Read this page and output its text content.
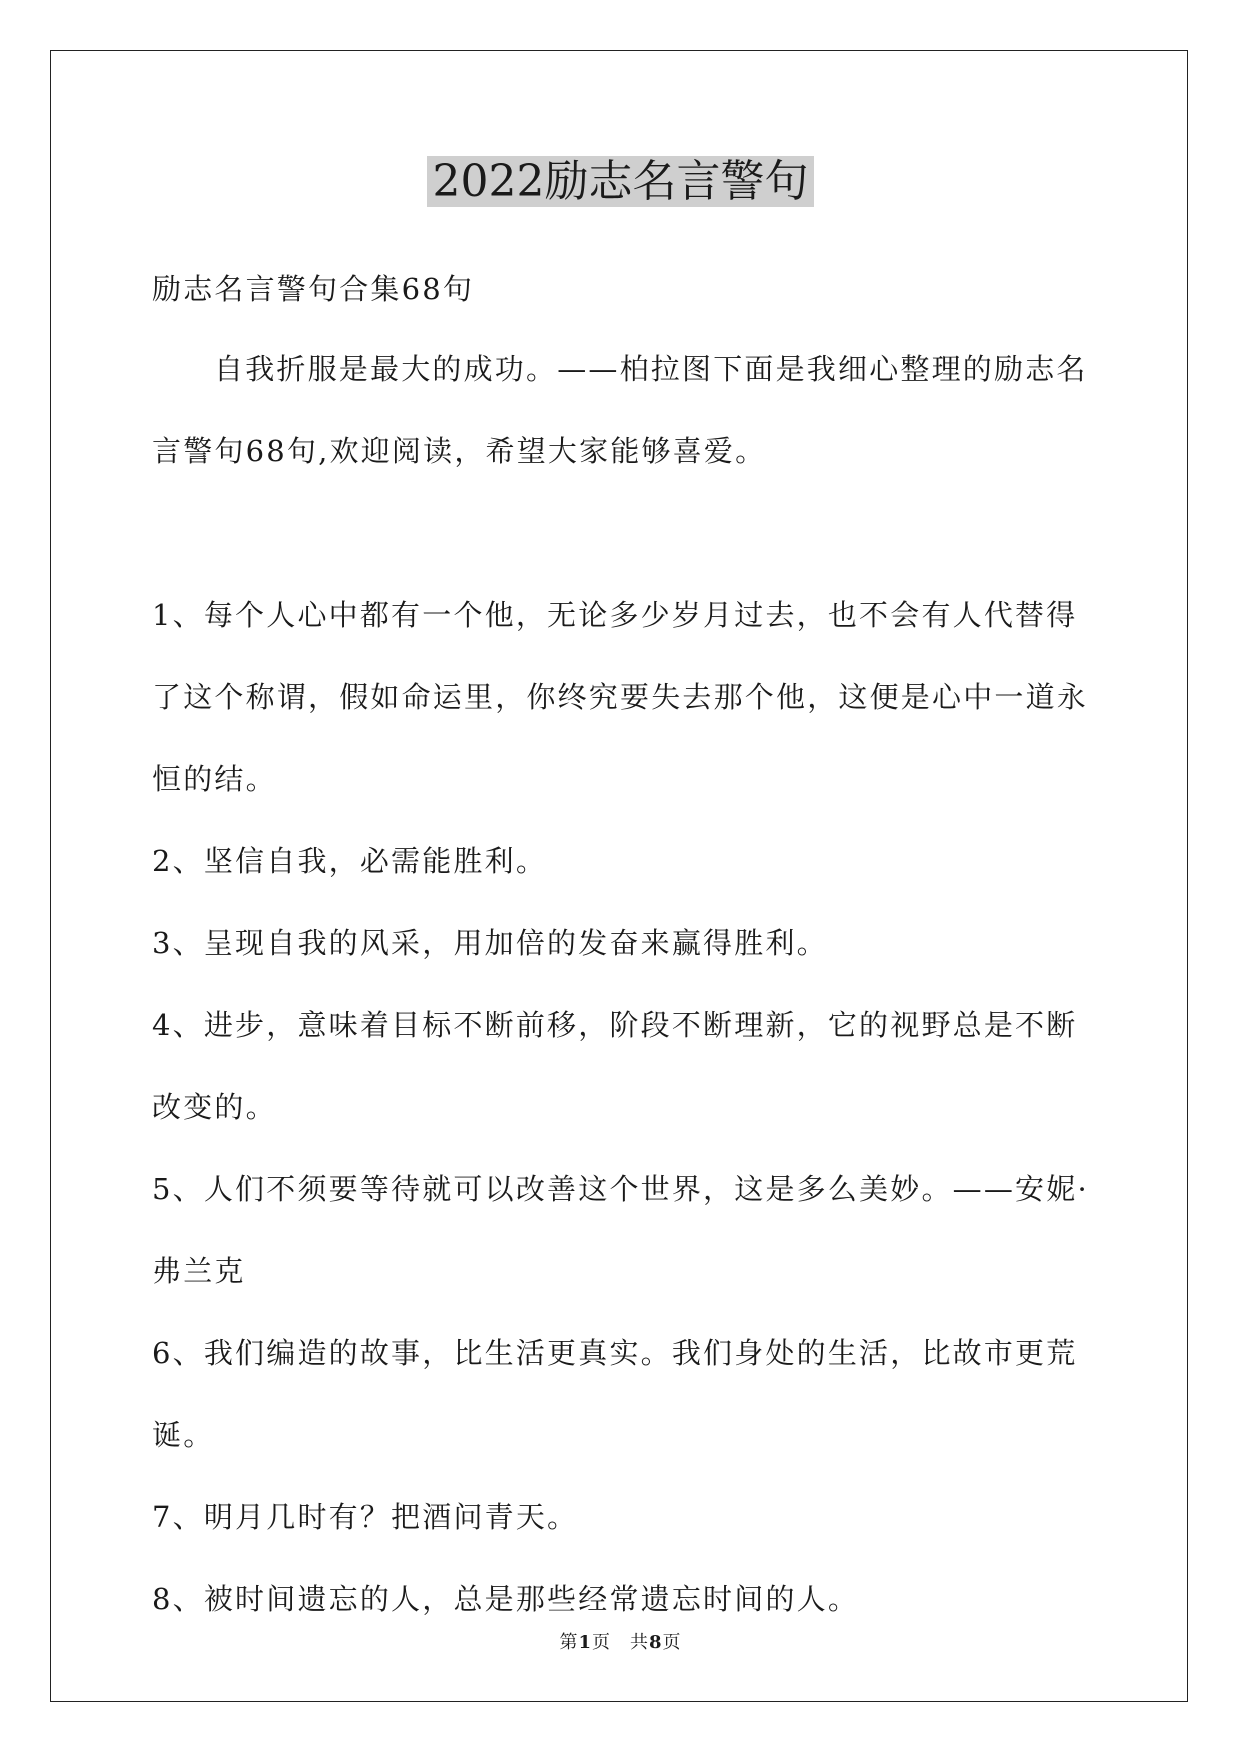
2022励志名言警句

励志名言警句合集68句

自我折服是最大的成功。——柏拉图下面是我细心整理的励志名言警句68句,欢迎阅读，希望大家能够喜爱。

1、每个人心中都有一个他，无论多少岁月过去，也不会有人代替得了这个称谓，假如命运里，你终究要失去那个他，这便是心中一道永恒的结。

2、坚信自我，必需能胜利。

3、呈现自我的风采，用加倍的发奋来赢得胜利。

4、进步，意味着目标不断前移，阶段不断理新，它的视野总是不断改变的。

5、人们不须要等待就可以改善这个世界，这是多么美妙。——安妮·弗兰克

6、我们编造的故事，比生活更真实。我们身处的生活，比故市更荒诞。

7、明月几时有？把酒问青天。

8、被时间遗忘的人，总是那些经常遗忘时间的人。

第1页　共8页
